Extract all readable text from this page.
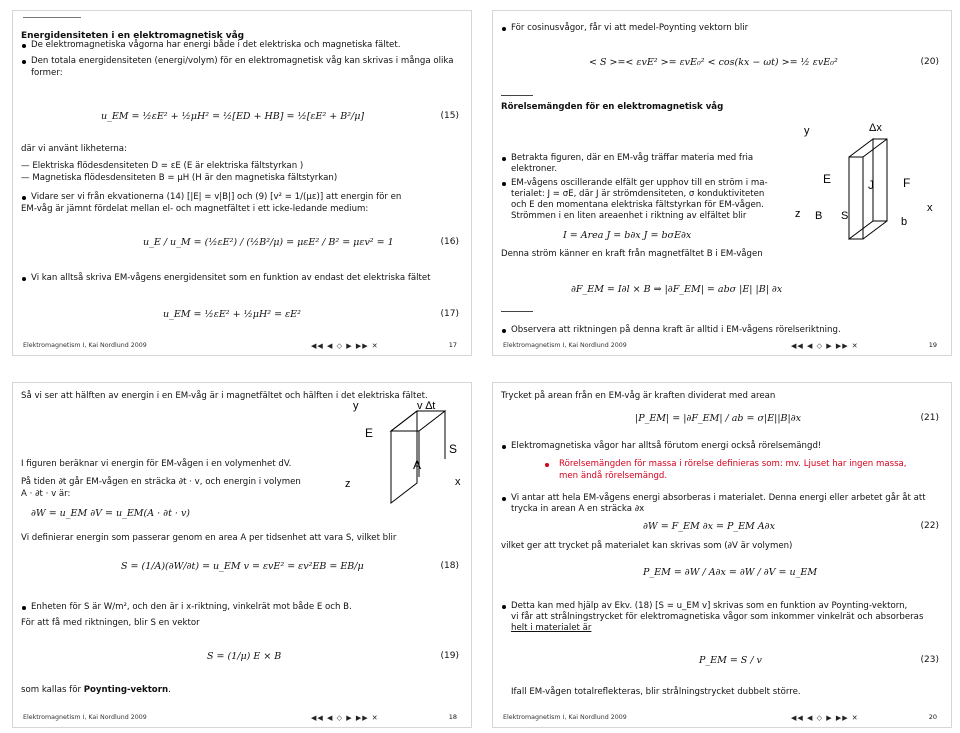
Energidensiteten i en elektromagnetisk våg
De elektromagnetiska vågorna har energi både i det elektriska och magnetiska fältet.
Den totala energidensiteten (energi/volym) för en elektromagnetisk våg kan skrivas i många olika
former:
u_EM = ½εE² + ½μH² = ½[ED + HB] = ½[εE² + B²/μ]	(15)
där vi använt likheterna:
— Elektriska flödesdensiteten D = εE (E är elektriska fältstyrkan )
— Magnetiska flödesdensiteten B = μH (H är den magnetiska fältstyrkan)
Vidare ser vi från ekvationerna (14) [|E| = v|B|] och (9) [v² = 1/(με)] att energin för en
EM-våg är jämnt fördelat mellan el- och magnetfältet i ett icke-ledande medium:
u_E / u_M = (½εE²) / (½B²/μ) = μεE² / B² = μεv² = 1	(16)
Vi kan alltså skriva EM-vågens energidensitet som en funktion av endast det elektriska fältet
u_EM = ½εE² + ½μH² = εE²	(17)
Elektromagnetism I, Kai Nordlund 2009	◀◀ ◀ ◇ ▶ ▶▶ ✕	17
För cosinusvågor, får vi att medel-Poynting vektorn blir
< S >=< εvE² >= εvE₀² < cos(kx − ωt) >= ½ εvE₀²	(20)
Rörelsemängden för en elektromagnetisk våg
Betrakta figuren, där en EM-våg träffar materia med fria
elektroner.
EM-vågens oscillerande elfält ger upphov till en ström i ma-
terialet: J = σE, där J är strömdensiteten, σ konduktiviteten
och E den momentana elektriska fältstyrkan för EM-vågen.
Strömmen i en liten areaenhet i riktning av elfältet blir
I = Area J = b∂x J = bσE∂x
Denna ström känner en kraft från magnetfältet B i EM-vågen
y	Δx
E	J F
x
z B S	b
∂F_EM = I∂l × B ⇒ |∂F_EM| = abσ |E| |B| ∂x
Observera att riktningen på denna kraft är alltid i EM-vågens rörelseriktning.
Elektromagnetism I, Kai Nordlund 2009	◀◀ ◀ ◇ ▶ ▶▶ ✕	19
Så vi ser att hälften av energin i en EM-våg är i magnetfältet och hälften i det elektriska fältet.
I figuren beräknar vi energin för EM-vågen i en volymenhet dV.
På tiden ∂t går EM-vågen en sträcka ∂t · v, och energin i volymen
A · ∂t · v är:
y	v ∆t
E
S
A
z	x
∂W = u_EM ∂V = u_EM(A · ∂t · v)
Vi definierar energin som passerar genom en area A per tidsenhet att vara S, vilket blir
S = (1/A)(∂W/∂t) = u_EM v = εvE² = εv²EB = EB/μ	(18)
Enheten för S är W/m², och den är i x-riktning, vinkelrät mot både E och B.
För att få med riktningen, blir S en vektor
S = (1/μ) E × B	(19)
som kallas för Poynting-vektorn.
Elektromagnetism I, Kai Nordlund 2009	◀◀ ◀ ◇ ▶ ▶▶ ✕	18
Trycket på arean från en EM-våg är kraften dividerat med arean
|P_EM| = |∂F_EM| / ab = σ|E||B|∂x	(21)
Elektromagnetiska vågor har alltså förutom energi också rörelsemängd!
Rörelsemängden för massa i rörelse definieras som: mv. Ljuset har ingen massa,
men ändå rörelsemängd.
Vi antar att hela EM-vågens energi absorberas i materialet. Denna energi eller arbetet går åt att
trycka in arean A en sträcka ∂x
∂W = F_EM ∂x = P_EM A∂x	(22)
vilket ger att trycket på materialet kan skrivas som (∂V är volymen)
P_EM = ∂W / A∂x = ∂W / ∂V = u_EM
Detta kan med hjälp av Ekv. (18) [S = u_EM v] skrivas som en funktion av Poynting-vektorn,
vi får att strålningstrycket för elektromagnetiska vågor som inkommer vinkelrät och absorberas
helt i materialet är
P_EM = S / v	(23)
Ifall EM-vågen totalreflekteras, blir strålningstrycket dubbelt större.
Elektromagnetism I, Kai Nordlund 2009	◀◀ ◀ ◇ ▶ ▶▶ ✕	20
